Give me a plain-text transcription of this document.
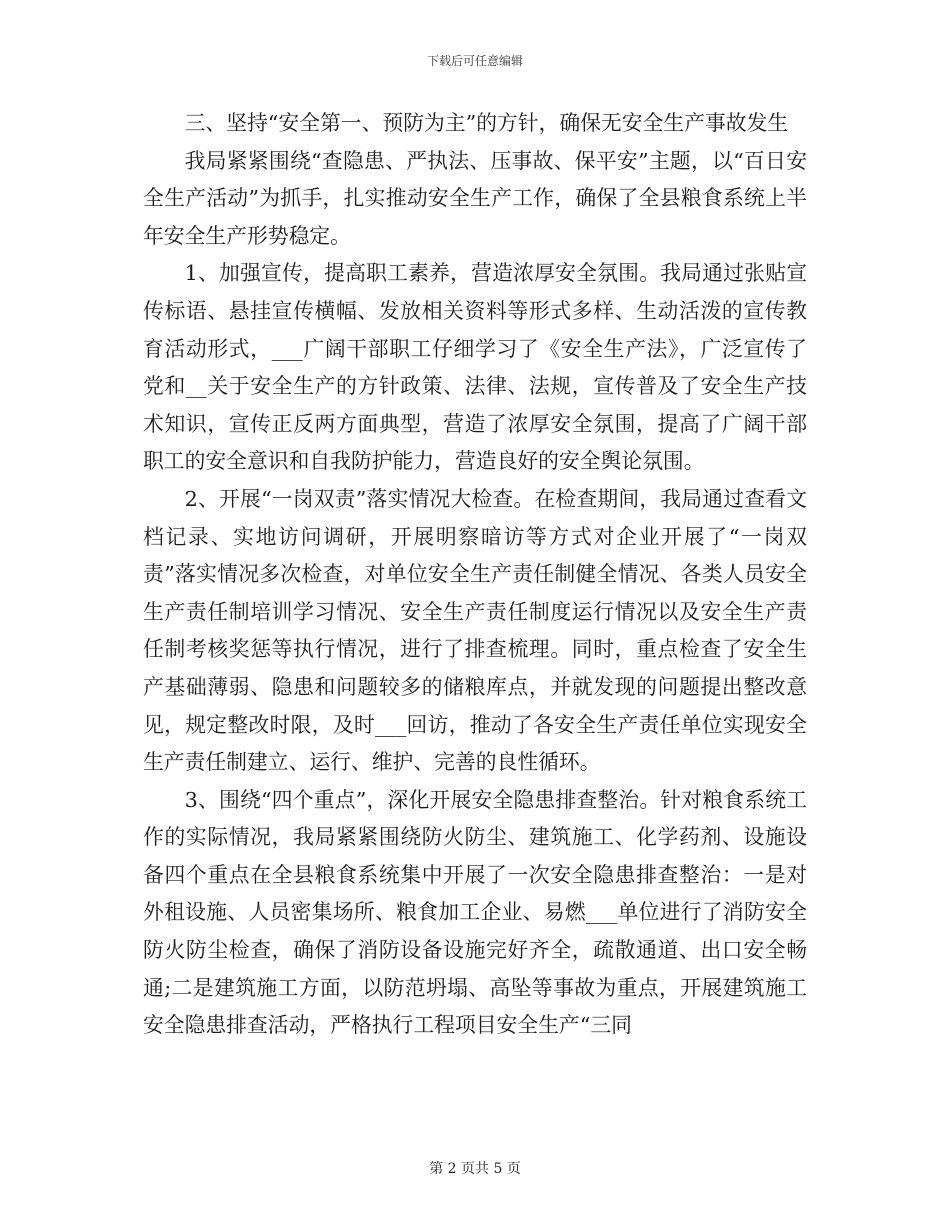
下载后可任意编辑

三、坚持“安全第一、预防为主”的方针，确保无安全生产事故发生

我局紧紧围绕“查隐患、严执法、压事故、保平安”主题，以“百日安全生产活动”为抓手，扎实推动安全生产工作，确保了全县粮食系统上半年安全生产形势稳定。

1、加强宣传，提高职工素养，营造浓厚安全氛围。我局通过张贴宣传标语、悬挂宣传横幅、发放相关资料等形式多样、生动活泼的宣传教育活动形式，___广阔干部职工仔细学习了《安全生产法》，广泛宣传了党和__关于安全生产的方针政策、法律、法规，宣传普及了安全生产技术知识，宣传正反两方面典型，营造了浓厚安全氛围，提高了广阔干部职工的安全意识和自我防护能力，营造良好的安全舆论氛围。

2、开展“一岗双责”落实情况大检查。在检查期间，我局通过查看文档记录、实地访问调研，开展明察暗访等方式对企业开展了“一岗双责”落实情况多次检查，对单位安全生产责任制健全情况、各类人员安全生产责任制培训学习情况、安全生产责任制度运行情况以及安全生产责任制考核奖惩等执行情况，进行了排查梳理。同时，重点检查了安全生产基础薄弱、隐患和问题较多的储粮库点，并就发现的问题提出整改意见，规定整改时限，及时___回访，推动了各安全生产责任单位实现安全生产责任制建立、运行、维护、完善的良性循环。

3、围绕“四个重点”，深化开展安全隐患排查整治。针对粮食系统工作的实际情况，我局紧紧围绕防火防尘、建筑施工、化学药剂、设施设备四个重点在全县粮食系统集中开展了一次安全隐患排查整治：一是对外租设施、人员密集场所、粮食加工企业、易燃___单位进行了消防安全防火防尘检查，确保了消防设备设施完好齐全，疏散通道、出口安全畅通;二是建筑施工方面，以防范坍塌、高坠等事故为重点，开展建筑施工安全隐患排查活动，严格执行工程项目安全生产“三同

第 2 页共 5 页
